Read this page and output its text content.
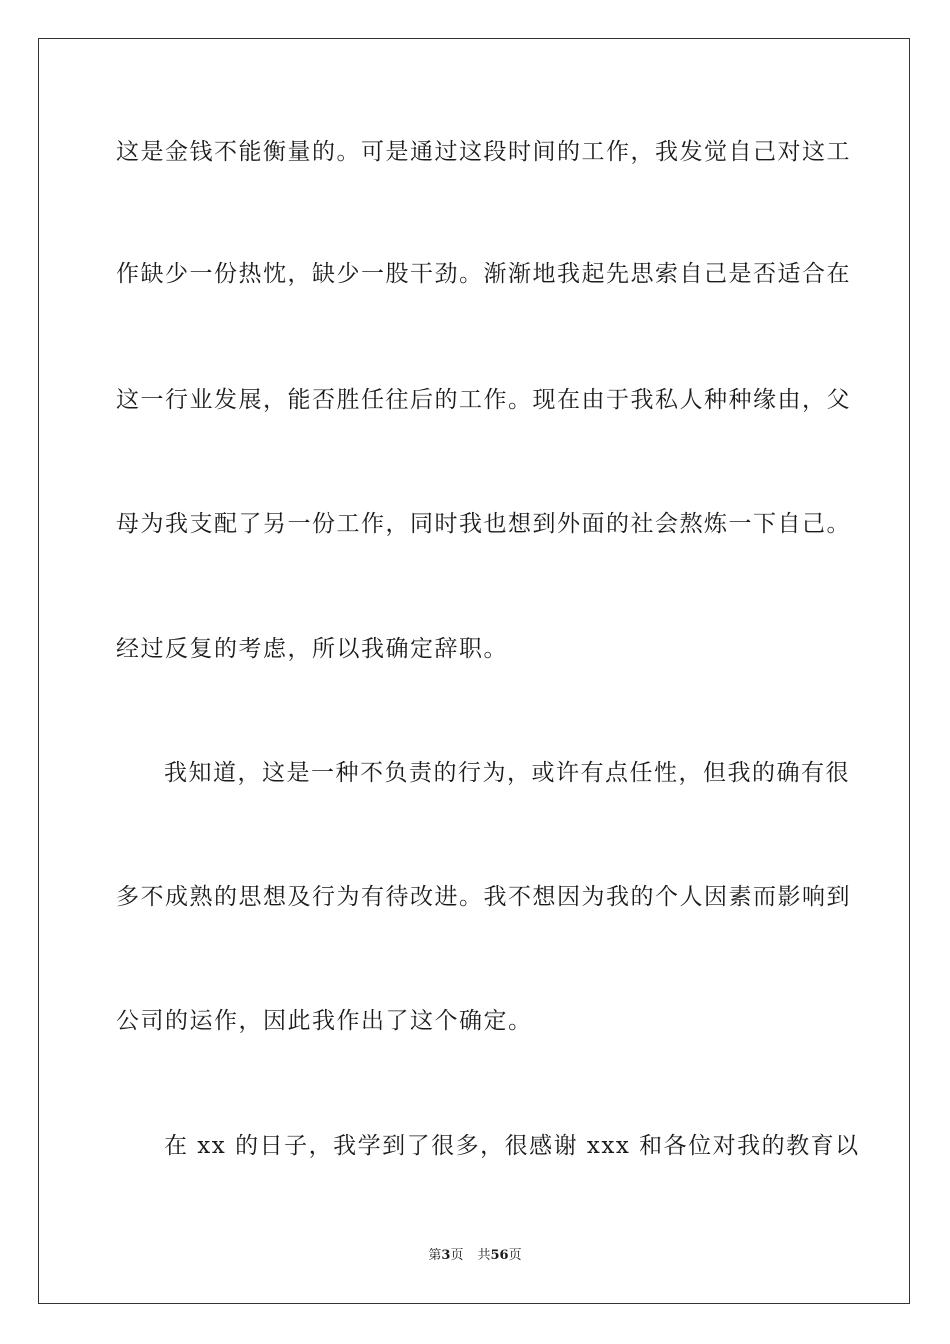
这是金钱不能衡量的。可是通过这段时间的工作，我发觉自己对这工
作缺少一份热忱，缺少一股干劲。渐渐地我起先思索自己是否适合在
这一行业发展，能否胜任往后的工作。现在由于我私人种种缘由，父
母为我支配了另一份工作，同时我也想到外面的社会熬炼一下自己。
经过反复的考虑，所以我确定辞职。
我知道，这是一种不负责的行为，或许有点任性，但我的确有很
多不成熟的思想及行为有待改进。我不想因为我的个人因素而影响到
公司的运作，因此我作出了这个确定。
在 xx 的日子，我学到了很多，很感谢 xxx 和各位对我的教育以
第3页 共56页
